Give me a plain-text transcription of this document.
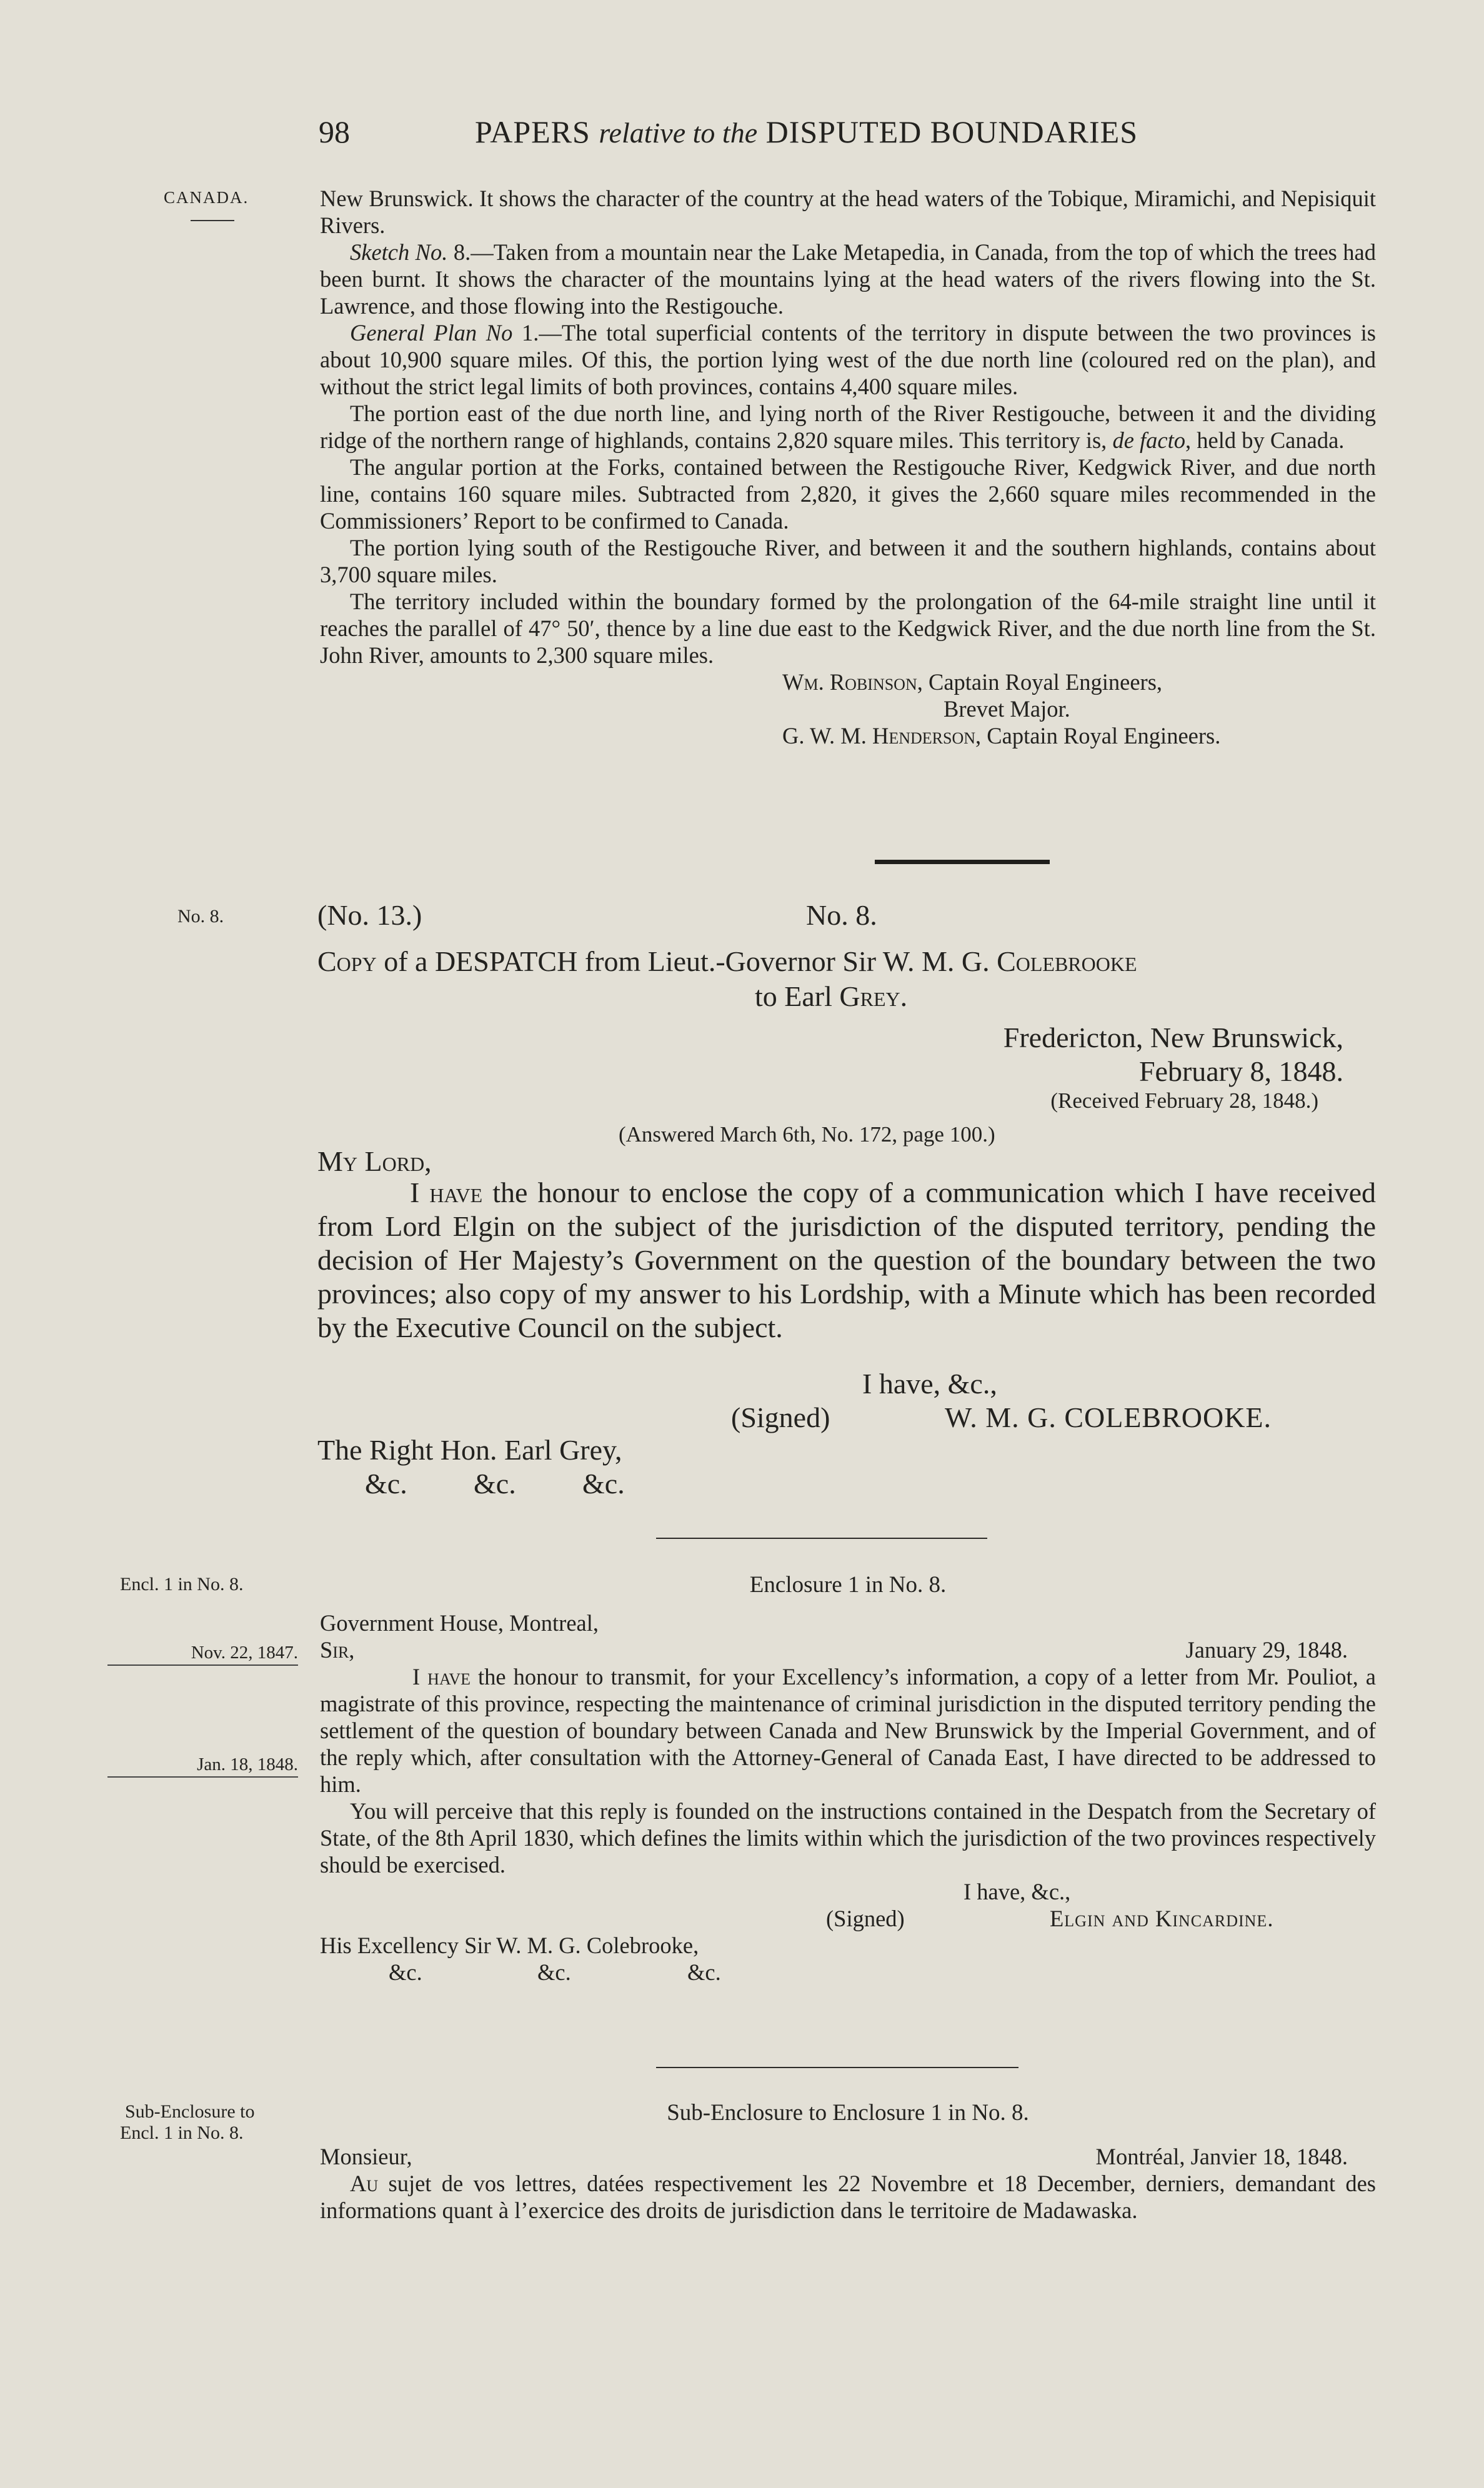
98	PAPERS relative to the DISPUTED BOUNDARIES
CANADA.
No. 8.
Encl. 1 in No. 8.
Nov. 22, 1847.
Jan. 18, 1848.
Sub-Enclosure to
Encl. 1 in No. 8.

New Brunswick. It shows the character of the country at the head waters of the Tobique, Miramichi, and Nepisiquit Rivers.

Sketch No. 8.—Taken from a mountain near the Lake Metapedia, in Canada, from the top of which the trees had been burnt. It shows the character of the mountains lying at the head waters of the rivers flowing into the St. Lawrence, and those flowing into the Restigouche.

General Plan No 1.—The total superficial contents of the territory in dispute between the two provinces is about 10,900 square miles. Of this, the portion lying west of the due north line (coloured red on the plan), and without the strict legal limits of both provinces, contains 4,400 square miles.

The portion east of the due north line, and lying north of the River Restigouche, between it and the dividing ridge of the northern range of highlands, contains 2,820 square miles. This territory is, de facto, held by Canada.

The angular portion at the Forks, contained between the Restigouche River, Kedgwick River, and due north line, contains 160 square miles. Subtracted from 2,820, it gives the 2,660 square miles recommended in the Commissioners’ Report to be confirmed to Canada.

The portion lying south of the Restigouche River, and between it and the southern highlands, contains about 3,700 square miles.

The territory included within the boundary formed by the prolongation of the 64-mile straight line until it reaches the parallel of 47° 50′, thence by a line due east to the Kedgwick River, and the due north line from the St. John River, amounts to 2,300 square miles.

Wm. Robinson, Captain Royal Engineers,

Brevet Major.

G. W. M. Henderson, Captain Royal Engineers.

(No. 13.)	No. 8.
Copy of a DESPATCH from Lieut.-Governor Sir W. M. G. Colebrooke
to Earl Grey.
Fredericton, New Brunswick,
February 8, 1848.
(Received February 28, 1848.)
(Answered March 6th, No. 172, page 100.)
My Lord,

I have the honour to enclose the copy of a communication which I have received from Lord Elgin on the subject of the jurisdiction of the disputed territory, pending the decision of Her Majesty’s Government on the question of the boundary between the two provinces; also copy of my answer to his Lordship, with a Minute which has been recorded by the Executive Council on the subject.

I have, &c.,
(Signed)	W. M. G. COLEBROOKE.
The Right Hon. Earl Grey,
&c. &c. &c.
Enclosure 1 in No. 8.

Government House, Montreal,

Sir,	January 29, 1848.

I have the honour to transmit, for your Excellency’s information, a copy of a letter from Mr. Pouliot, a magistrate of this province, respecting the maintenance of criminal jurisdiction in the disputed territory pending the settlement of the question of boundary between Canada and New Brunswick by the Imperial Government, and of the reply which, after consultation with the Attorney-General of Canada East, I have directed to be addressed to him.

You will perceive that this reply is founded on the instructions contained in the Despatch from the Secretary of State, of the 8th April 1830, which defines the limits within which the jurisdiction of the two provinces respectively should be exercised.

I have, &c.,

(Signed)	Elgin and Kincardine.

His Excellency Sir W. M. G. Colebrooke,

&c.	&c.	&c.
Sub-Enclosure to Enclosure 1 in No. 8.
Monsieur,	Montréal, Janvier 18, 1848.

Au sujet de vos lettres, datées respectivement les 22 Novembre et 18 December, derniers, demandant des informations quant à l’exercice des droits de jurisdiction dans le territoire de Madawaska.
